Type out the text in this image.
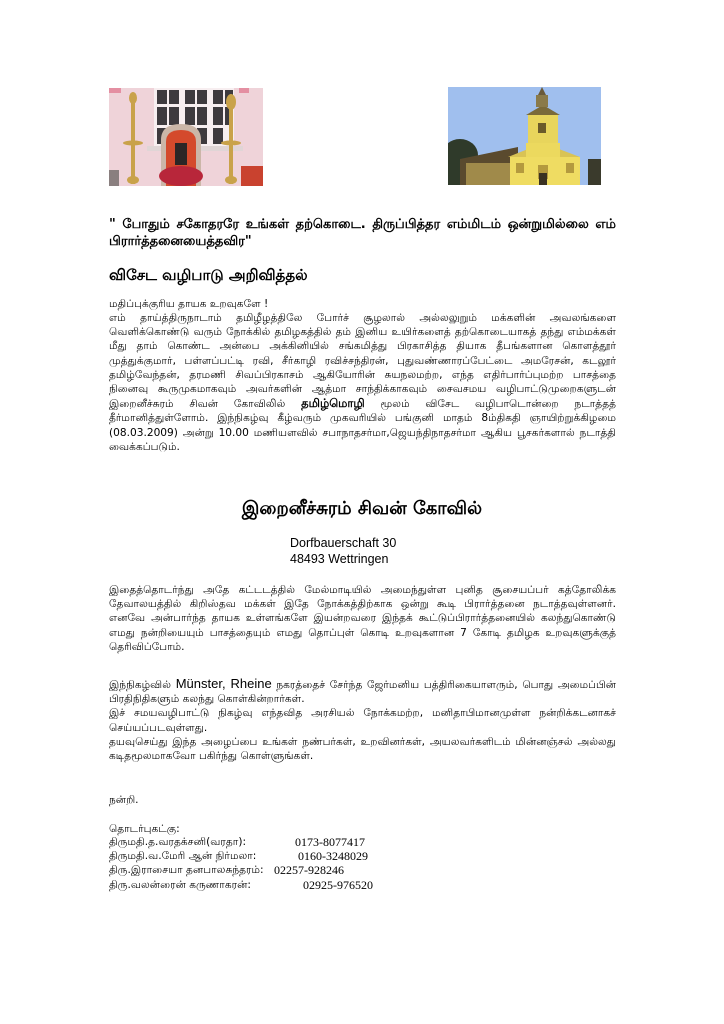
" போதும் சகோதரரே உங்கள் தற்கொடை. திருப்பித்தர எம்மிடம் ஒன்றுமில்லை எம் பிரார்த்தனையைத்தவிர"
விசேட வழிபாடு அறிவித்தல்
மதிப்புக்குரிய தாயக உறவுகளே !
எம் தாய்த்திருநாடாம் தமிழீழத்திலே போர்ச் சூழலால் அல்லலுறும் மக்களின் அவலங்களை வெளிக்கொண்டு வரும் நோக்கில் தமிழகத்தில் தம் இனிய உயிர்களைத் தற்கொடையாகத் தந்து எம்மக்கள் மீது தாம் கொண்ட அன்பை அக்கினியில் சங்கமித்து பிரகாசித்த தியாக தீபங்களான கொளத்தூர் முத்துக்குமார், பள்ளப்பட்டி ரவி, சீர்காழி ரவிச்சந்திரன், புதுவண்ணாரப்பேட்டை அமரேசன், கடலூர் தமிழ்வேந்தன், தரமணி சிவப்பிரகாசம் ஆகியோரின் சுயநலமற்ற, எந்த எதிர்பார்ப்புமற்ற பாசத்தை நினைவு கூருமுகமாகவும் அவர்களின் ஆத்மா சாந்திக்காகவும் சைவசமய வழிபாட்டுமுறைகளுடன் இறைனீச்சுரம் சிவன் கோவிலில் தமிழ்மொழி மூலம் விசேட வழிபாடொன்றை நடாத்தத் தீர்மானித்துள்ளோம். இந்நிகழ்வு கீழ்வரும் முகவரியில் பங்குனி மாதம் 8ம்திகதி ஞாயிற்றுக்கிழமை (08.03.2009) அன்று 10.00 மணியளவில் சபாநாதசர்மா,ஜெயந்திநாதசர்மா ஆகிய பூசகர்களால் நடாத்தி வைக்கப்படும்.
இறைனீச்சுரம் சிவன் கோவில்
Dorfbauerschaft 30
48493 Wettringen
இதைத்தொடர்ந்து அதே கட்டடத்தில் மேல்மாடியில் அமைந்துள்ள புனித சூசையப்பர் கத்தோலிக்க தேவாலயத்தில் கிறிஸ்தவ மக்கள் இதே நோக்கத்திற்காக ஒன்று கூடி பிரார்த்தனை நடாத்தவுள்ளனர். எனவே அன்பார்ந்த தாயக உள்ளங்களே இயன்றவரை இந்தக் கூட்டுப்பிரார்த்தனையில் கலந்துகொண்டு எமது நன்றியையும் பாசத்தையும் எமது தொப்புள் கொடி உறவுகளான 7 கோடி தமிழக உறவுகளுக்குத் தெரிவிப்போம்.

இந்நிகழ்வில் Münster, Rheine நகரத்தைச் சேர்ந்த ஜேர்மனிய பத்திரிகையாளரும், பொது அமைப்பின் பிரதிநிதிகளும் கலந்து கொள்கின்றார்கள்.

இச் சமயவழிபாட்டு நிகழ்வு எந்தவித அரசியல் நோக்கமற்ற, மனிதாபிமானமுள்ள நன்றிக்கடனாகச் செய்யப்படவுள்ளது.

தயவுசெய்து இந்த அழைப்பை உங்கள் நண்பர்கள், உறவினர்கள், அயலவர்களிடம் மின்னஞ்சல் அல்லது கடிதமூலமாகவோ பகிர்ந்து கொள்ளுங்கள்.

நன்றி.
தொடர்புகட்கு:
திருமதி.த.வரதக்சனி(வரதா):	0173-8077417
திருமதி.வ.மேரி ஆன் நிர்மலா:	0160-3248029
திரு.இராசையா தனபாலசுந்தரம்: 02257-928246
திரு.வலன்ரைன் கருணாகரன்:	02925-976520
